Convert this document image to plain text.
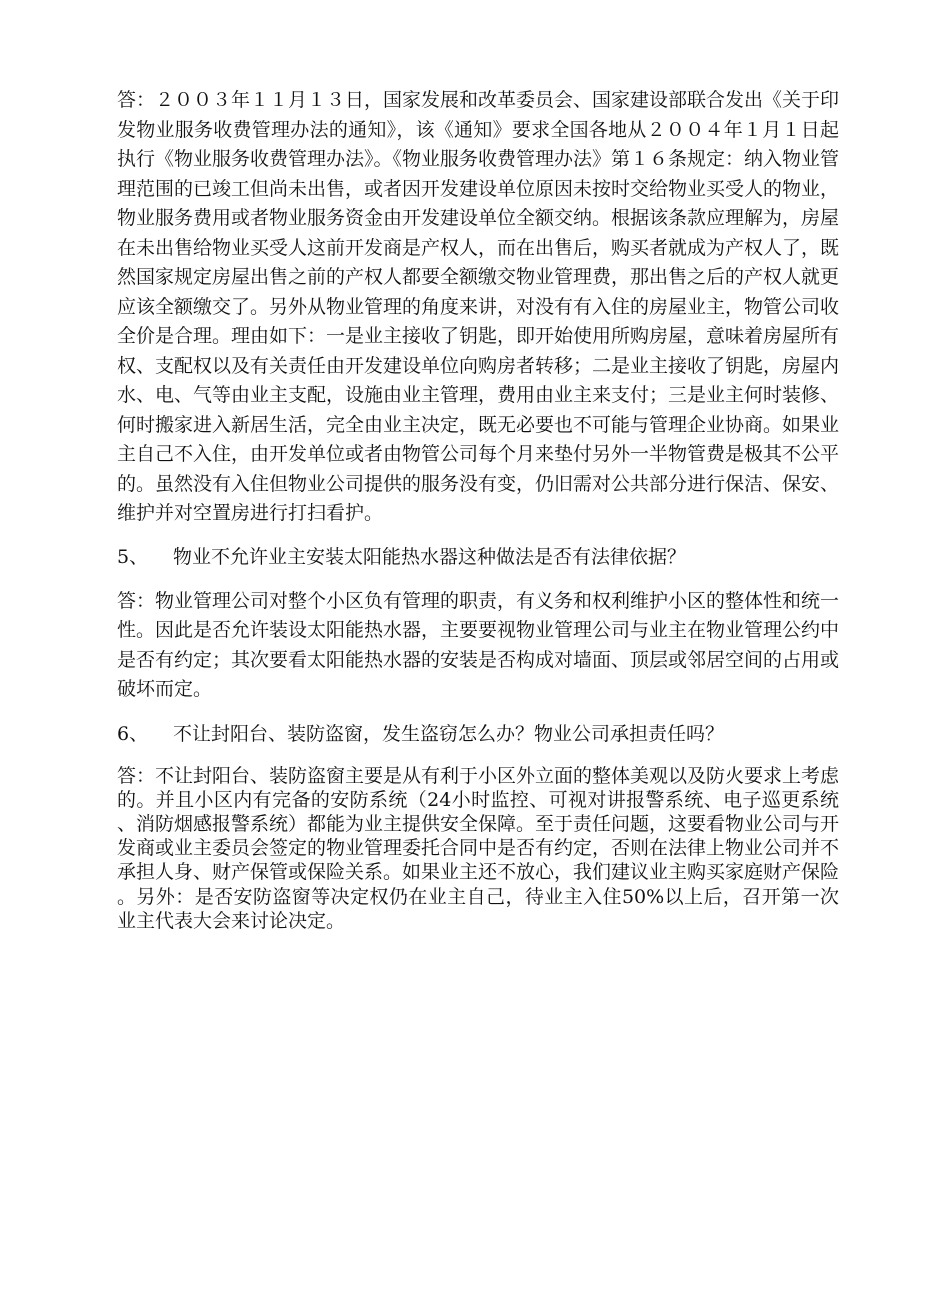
答：２００３年１１月１３日，国家发展和改革委员会、国家建设部联合发出《关于印发物业服务收费管理办法的通知》，该《通知》要求全国各地从２００４年１月１日起执行《物业服务收费管理办法》。《物业服务收费管理办法》第１６条规定：纳入物业管理范围的已竣工但尚未出售，或者因开发建设单位原因未按时交给物业买受人的物业，物业服务费用或者物业服务资金由开发建设单位全额交纳。根据该条款应理解为，房屋在未出售给物业买受人这前开发商是产权人，而在出售后，购买者就成为产权人了，既然国家规定房屋出售之前的产权人都要全额缴交物业管理费，那出售之后的产权人就更应该全额缴交了。另外从物业管理的角度来讲，对没有有入住的房屋业主，物管公司收全价是合理。理由如下：一是业主接收了钥匙，即开始使用所购房屋，意味着房屋所有权、支配权以及有关责任由开发建设单位向购房者转移；二是业主接收了钥匙，房屋内水、电、气等由业主支配，设施由业主管理，费用由业主来支付；三是业主何时装修、何时搬家进入新居生活，完全由业主决定，既无必要也不可能与管理企业协商。如果业主自己不入住，由开发单位或者由物管公司每个月来垫付另外一半物管费是极其不公平的。虽然没有入住但物业公司提供的服务没有变，仍旧需对公共部分进行保洁、保安、维护并对空置房进行打扫看护。

5、 物业不允许业主安装太阳能热水器这种做法是否有法律依据？

答：物业管理公司对整个小区负有管理的职责，有义务和权利维护小区的整体性和统一性。因此是否允许装设太阳能热水器，主要要视物业管理公司与业主在物业管理公约中是否有约定；其次要看太阳能热水器的安装是否构成对墙面、顶层或邻居空间的占用或破坏而定。

6、 不让封阳台、装防盗窗，发生盗窃怎么办？物业公司承担责任吗？

答：不让封阳台、装防盗窗主要是从有利于小区外立面的整体美观以及防火要求上考虑的。并且小区内有完备的安防系统（24小时监控、可视对讲报警系统、电子巡更系统、消防烟感报警系统）都能为业主提供安全保障。至于责任问题，这要看物业公司与开发商或业主委员会签定的物业管理委托合同中是否有约定，否则在法律上物业公司并不承担人身、财产保管或保险关系。如果业主还不放心，我们建议业主购买家庭财产保险。另外：是否安防盗窗等决定权仍在业主自己，待业主入住50%以上后，召开第一次业主代表大会来讨论决定。
